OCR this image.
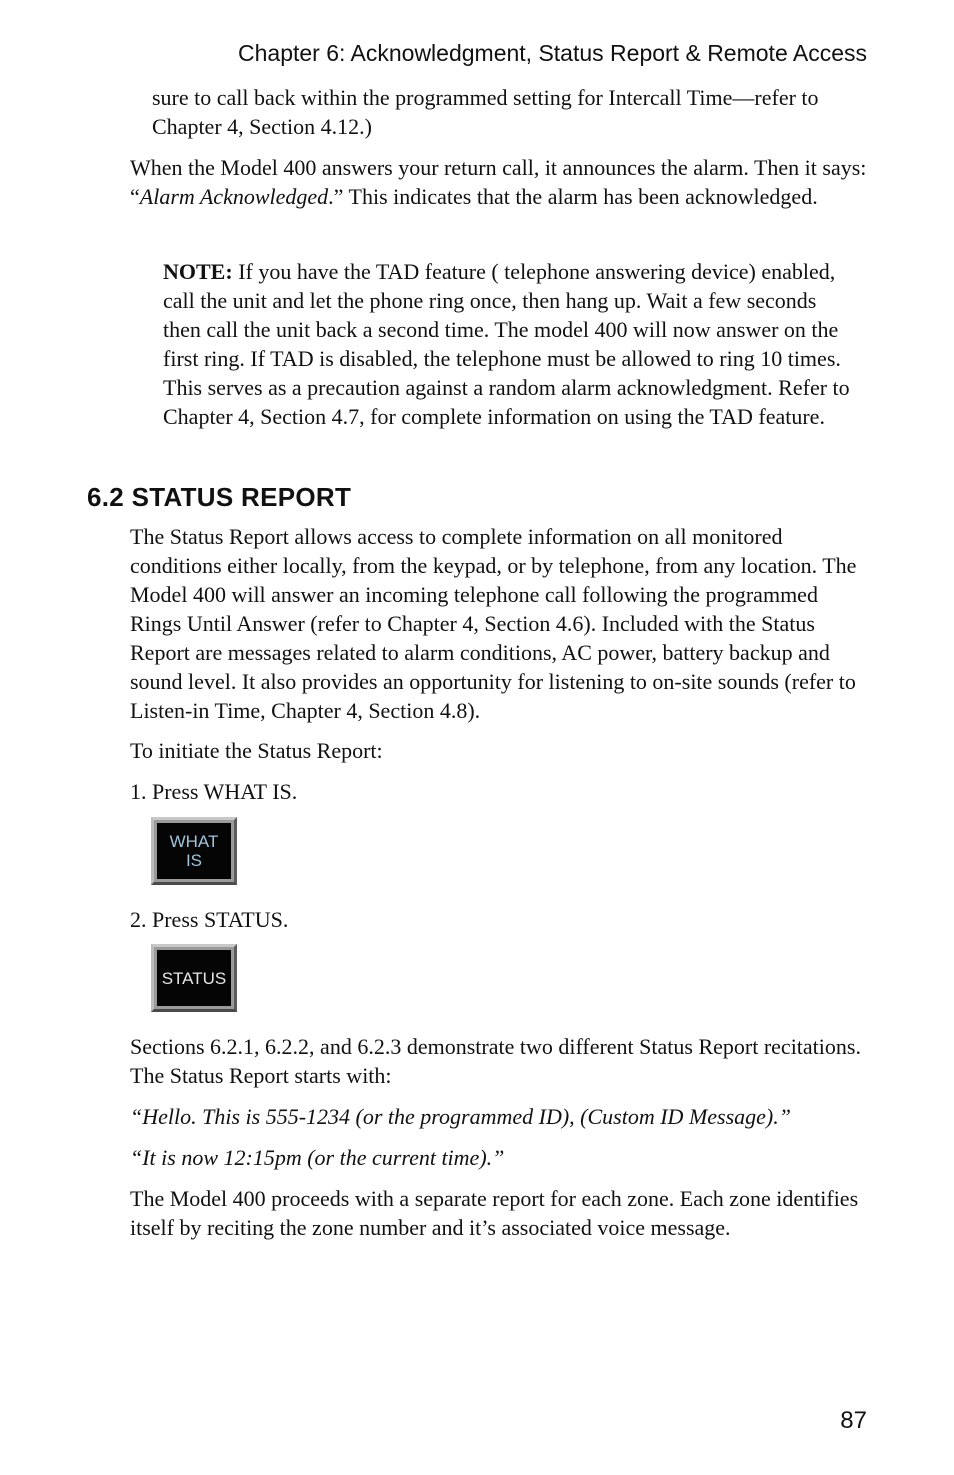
Chapter 6: Acknowledgment, Status Report & Remote Access

sure to call back within the programmed setting for Intercall Time—refer to Chapter 4, Section 4.12.)

When the Model 400 answers your return call, it announces the alarm. Then it says: “Alarm Acknowledged.” This indicates that the alarm has been acknowledged.

NOTE: If you have the TAD feature ( telephone answering device) enabled, call the unit and let the phone ring once, then hang up. Wait a few seconds then call the unit back a second time. The model 400 will now answer on the first ring. If TAD is disabled, the telephone must be allowed to ring 10 times. This serves as a precaution against a random alarm acknowledgment. Refer to Chapter 4, Section 4.7, for complete information on using the TAD feature.

6.2 STATUS REPORT

The Status Report allows access to complete information on all monitored conditions either locally, from the keypad, or by telephone, from any location. The Model 400 will answer an incoming telephone call following the programmed Rings Until Answer (refer to Chapter 4, Section 4.6). Included with the Status Report are messages related to alarm conditions, AC power, battery backup and sound level. It also provides an opportunity for listening to on-site sounds (refer to Listen-in Time, Chapter 4, Section 4.8).

To initiate the Status Report:

1. Press WHAT IS.

WHAT
IS

2. Press STATUS.

STATUS

Sections 6.2.1, 6.2.2, and 6.2.3 demonstrate two different Status Report recitations. The Status Report starts with:

“Hello. This is 555-1234 (or the programmed ID), (Custom ID Message).”

“It is now 12:15pm (or the current time).”

The Model 400 proceeds with a separate report for each zone. Each zone identifies itself by reciting the zone number and it’s associated voice message.

87
